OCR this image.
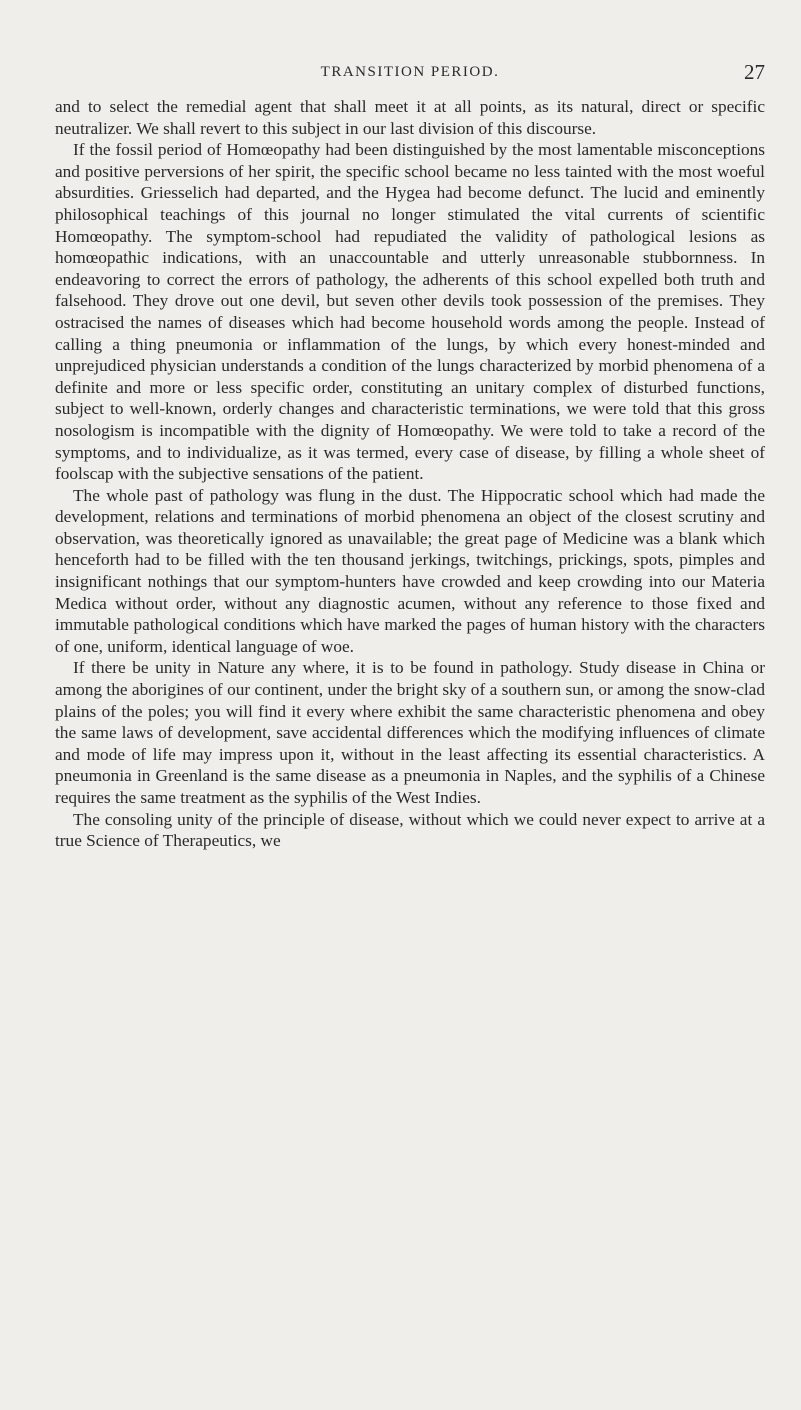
TRANSITION PERIOD.	27

and to select the remedial agent that shall meet it at all points, as its natural, direct or specific neutralizer. We shall revert to this subject in our last division of this discourse.

If the fossil period of Homœopathy had been distinguished by the most lamentable misconceptions and positive perversions of her spirit, the specific school became no less tainted with the most woeful absurdities. Griesselich had departed, and the Hygea had become defunct. The lucid and eminently philosophical teachings of this journal no longer stimulated the vital currents of scientific Homœopathy. The symptom-school had repudiated the validity of pathological lesions as homœopathic indications, with an unaccountable and utterly unreasonable stubbornness. In endeavoring to correct the errors of pathology, the adherents of this school expelled both truth and falsehood. They drove out one devil, but seven other devils took possession of the premises. They ostracised the names of diseases which had become household words among the people. Instead of calling a thing pneumonia or inflammation of the lungs, by which every honest-minded and unprejudiced physician understands a condition of the lungs characterized by morbid phenomena of a definite and more or less specific order, constituting an unitary complex of disturbed functions, subject to well-known, orderly changes and characteristic terminations, we were told that this gross nosologism is incompatible with the dignity of Homœopathy. We were told to take a record of the symptoms, and to individualize, as it was termed, every case of disease, by filling a whole sheet of foolscap with the subjective sensations of the patient.

The whole past of pathology was flung in the dust. The Hippocratic school which had made the development, relations and terminations of morbid phenomena an object of the closest scrutiny and observation, was theoretically ignored as unavailable; the great page of Medicine was a blank which henceforth had to be filled with the ten thousand jerkings, twitchings, prickings, spots, pimples and insignificant nothings that our symptom-hunters have crowded and keep crowding into our Materia Medica without order, without any diagnostic acumen, without any reference to those fixed and immutable pathological conditions which have marked the pages of human history with the characters of one, uniform, identical language of woe.

If there be unity in Nature any where, it is to be found in pathology. Study disease in China or among the aborigines of our continent, under the bright sky of a southern sun, or among the snow-clad plains of the poles; you will find it every where exhibit the same characteristic phenomena and obey the same laws of development, save accidental differences which the modifying influences of climate and mode of life may impress upon it, without in the least affecting its essential characteristics. A pneumonia in Greenland is the same disease as a pneumonia in Naples, and the syphilis of a Chinese requires the same treatment as the syphilis of the West Indies.

The consoling unity of the principle of disease, without which we could never expect to arrive at a true Science of Therapeutics, we
